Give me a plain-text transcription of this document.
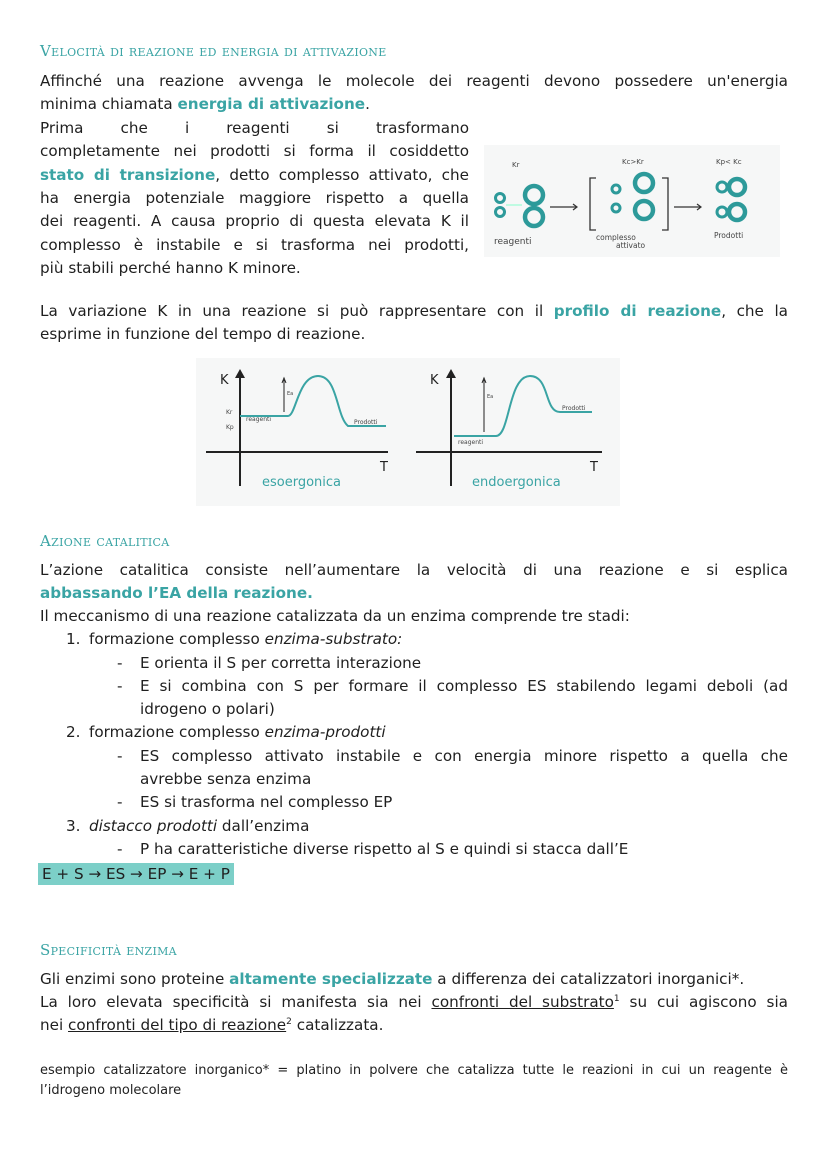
Velocità di reazione ed energia di attivazione
Affinché una reazione avvenga le molecole dei reagenti devono possedere un'energia
minima chiamata energia di attivazione.
Prima che i reagenti si trasformano
completamente nei prodotti si forma il cosiddetto
stato di transizione, detto complesso attivato, che
ha energia potenziale maggiore rispetto a quella
dei reagenti. A causa proprio di questa elevata K il
complesso è instabile e si trasforma nei prodotti,
più stabili perché hanno K minore.
Kr	Kc>Kr	Kp< Kc
reagenti	complesso
attivato
Prodotti
La variazione K in una reazione si può rappresentare con il profilo di reazione, che la
esprime in funzione del tempo di reazione.
K
T
Kr
Kp
reagenti
Ea
Prodotti
esoergonica
K
T
reagenti
Ea
Prodotti
endoergonica
Azione catalitica
L’azione catalitica consiste nell’aumentare la velocità di una reazione e si esplica
abbassando l’EA della reazione.
Il meccanismo di una reazione catalizzata da un enzima comprende tre stadi:
1. formazione complesso enzima-substrato:
- E orienta il S per corretta interazione
- E si combina con S per formare il complesso ES stabilendo legami deboli (ad
idrogeno o polari)
2. formazione complesso enzima-prodotti
- ES complesso attivato instabile e con energia minore rispetto a quella che
avrebbe senza enzima
- ES si trasforma nel complesso EP
3. distacco prodotti dall’enzima
- P ha caratteristiche diverse rispetto al S e quindi si stacca dall’E
E + S → ES → EP → E + P
Specificità enzima
Gli enzimi sono proteine altamente specializzate a differenza dei catalizzatori inorganici*.
La loro elevata specificità si manifesta sia nei confronti del substrato$^1$ su cui agiscono sia
nei confronti del tipo di reazione$^2$ catalizzata.
esempio catalizzatore inorganico* = platino in polvere che catalizza tutte le reazioni in cui un reagente è
l’idrogeno molecolare
